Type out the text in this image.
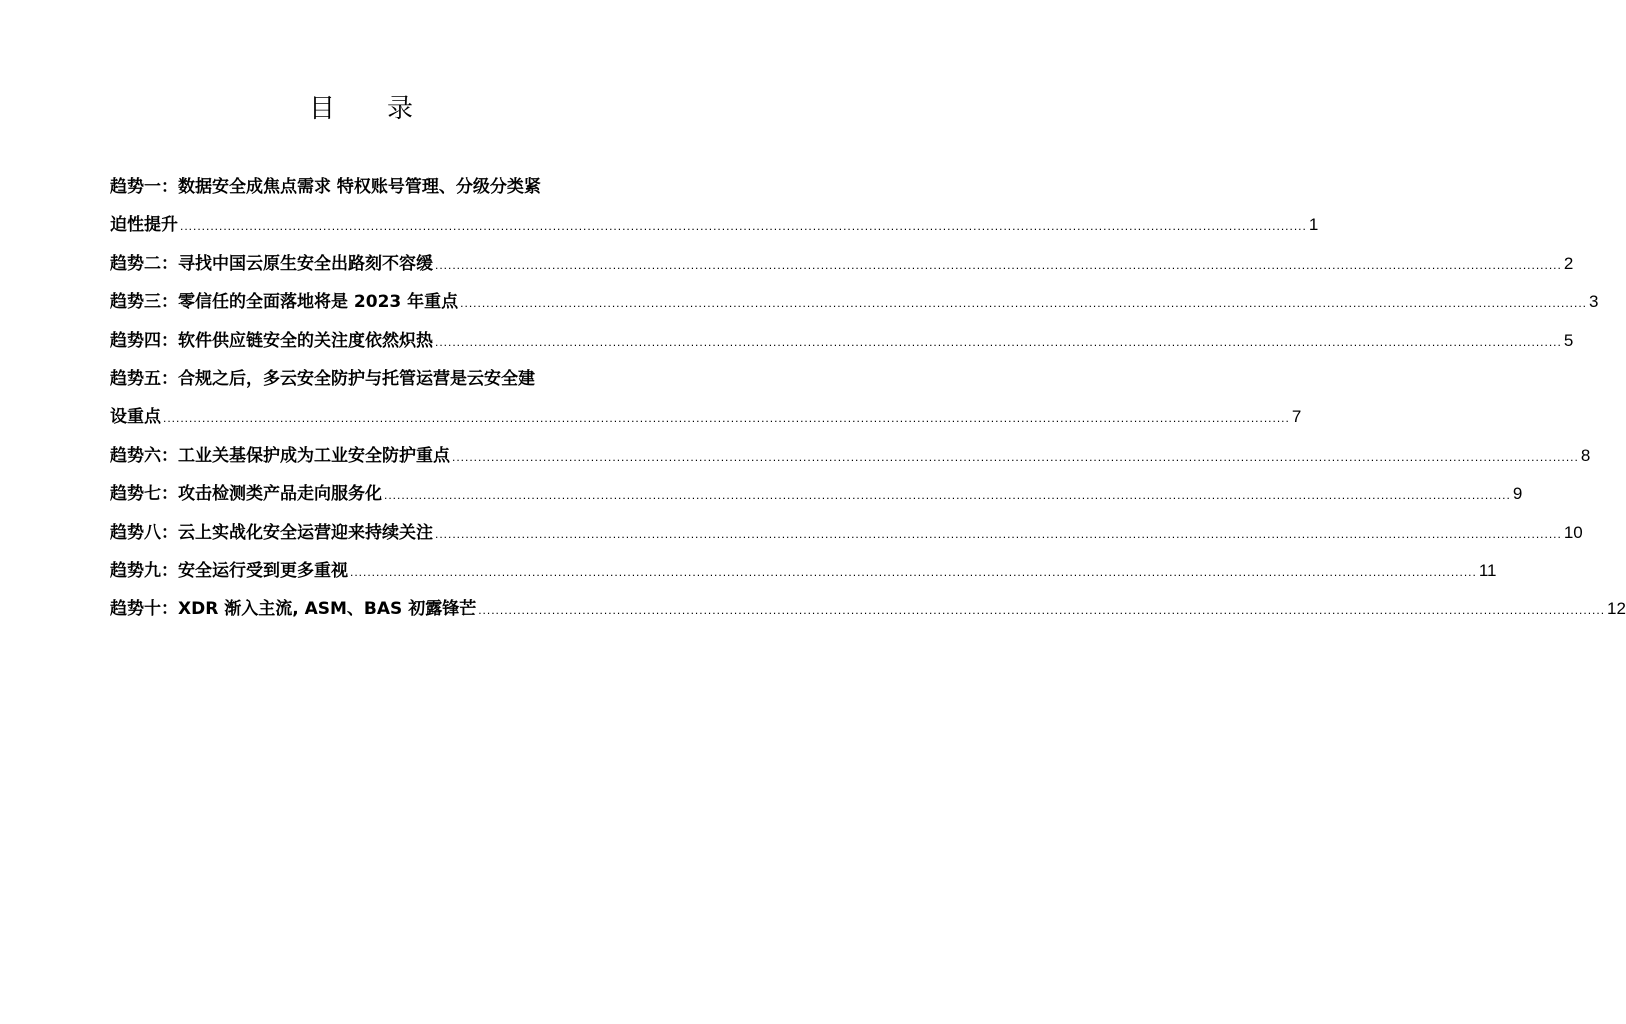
目 录
趋势一：数据安全成焦点需求 特权账号管理、分级分类紧
迫性提升 .................................................................................................................................................................................................................................................................... 1
趋势二：寻找中国云原生安全出路刻不容缓 .................................................................................................................................................................................................................................................................... 2
趋势三：零信任的全面落地将是 2023 年重点 .................................................................................................................................................................................................................................................................... 3
趋势四：软件供应链安全的关注度依然炽热 .................................................................................................................................................................................................................................................................... 5
趋势五：合规之后，多云安全防护与托管运营是云安全建
设重点 .................................................................................................................................................................................................................................................................... 7
趋势六：工业关基保护成为工业安全防护重点 .................................................................................................................................................................................................................................................................... 8
趋势七：攻击检测类产品走向服务化 .................................................................................................................................................................................................................................................................... 9
趋势八：云上实战化安全运营迎来持续关注 .................................................................................................................................................................................................................................................................... 10
趋势九：安全运行受到更多重视 .................................................................................................................................................................................................................................................................... 11
趋势十：XDR 渐入主流, ASM、BAS 初露锋芒 .................................................................................................................................................................................................................................................................... 12
